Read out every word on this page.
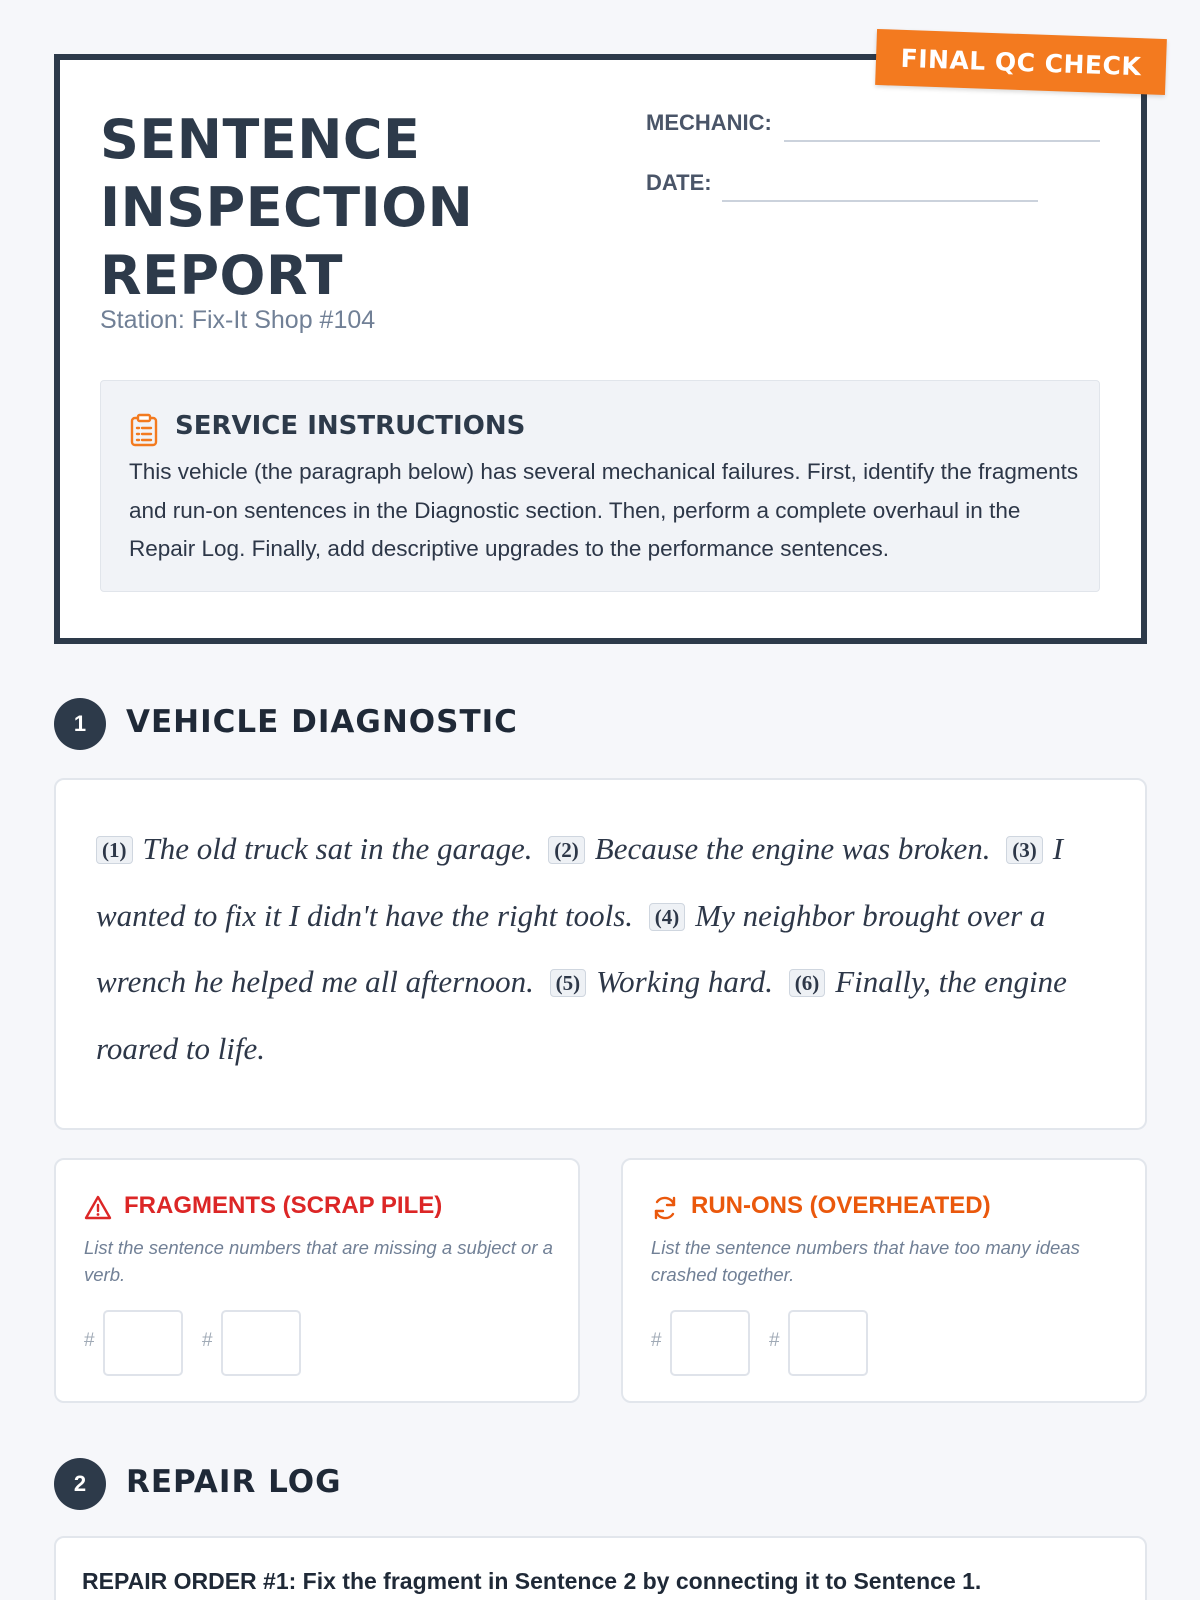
FINAL QC CHECK
SENTENCE
INSPECTION
REPORT
Station: Fix-It Shop #104
MECHANIC:
DATE:
SERVICE INSTRUCTIONS
This vehicle (the paragraph below) has several mechanical failures. First, identify the fragments and run-on sentences in the Diagnostic section. Then, perform a complete overhaul in the Repair Log. Finally, add descriptive upgrades to the performance sentences.
1	VEHICLE DIAGNOSTIC
(1) The old truck sat in the garage. (2) Because the engine was broken. (3) I wanted to fix it I didn't have the right tools. (4) My neighbor brought over a wrench he helped me all afternoon. (5) Working hard. (6) Finally, the engine roared to life.
FRAGMENTS (SCRAP PILE)
List the sentence numbers that are missing a subject or a verb.
#	#
RUN-ONS (OVERHEATED)
List the sentence numbers that have too many ideas crashed together.
#	#
2	REPAIR LOG
REPAIR ORDER #1: Fix the fragment in Sentence 2 by connecting it to Sentence 1.
